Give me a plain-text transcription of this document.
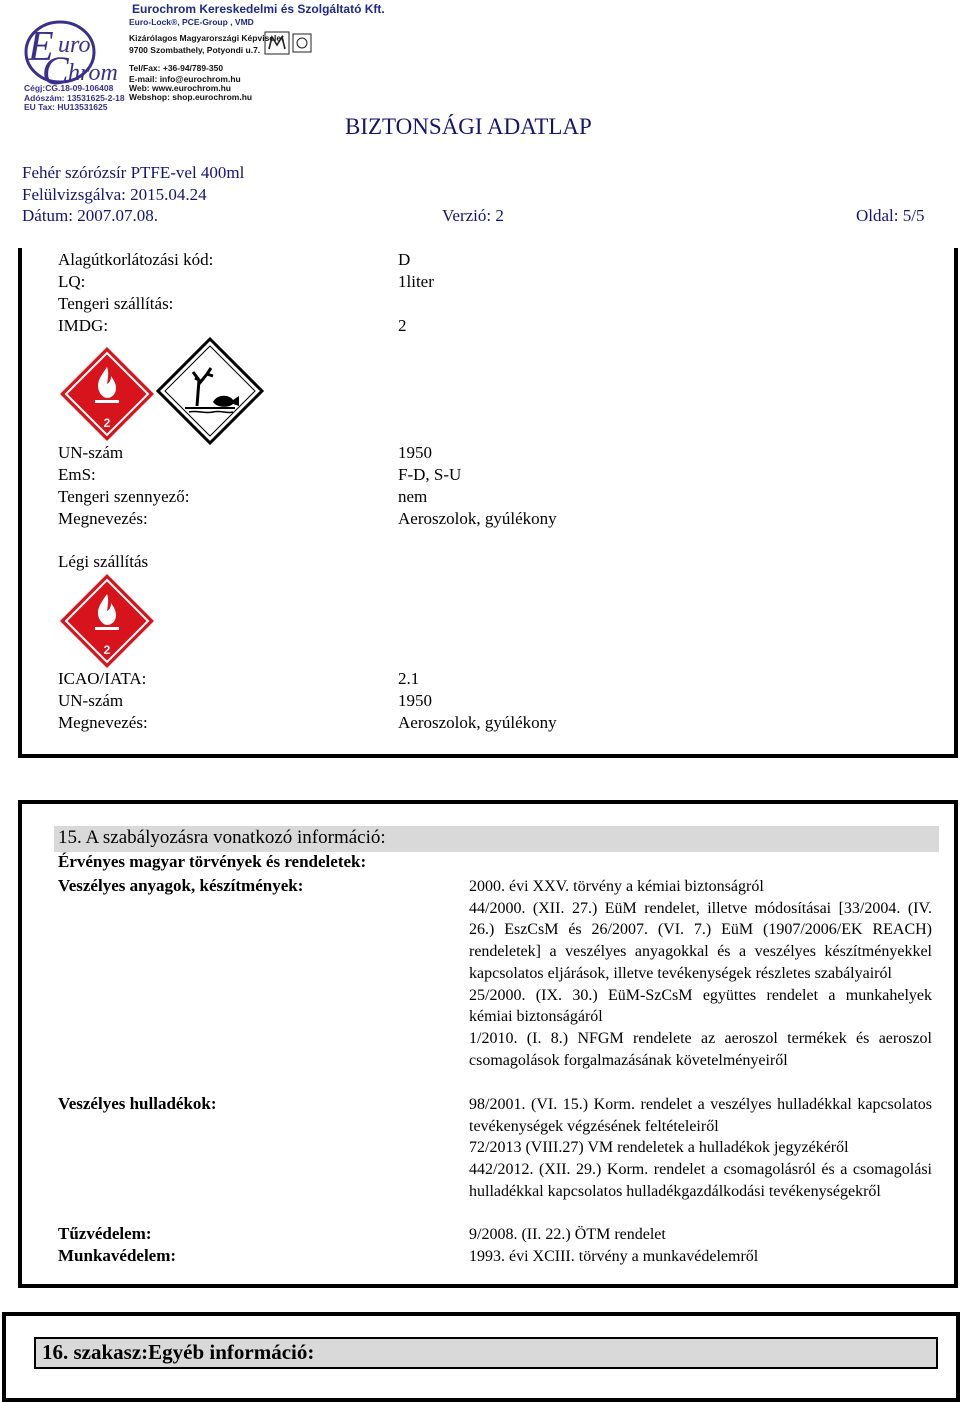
E uro
C hrom
Cégj:CG.18-09-106408
Adószám: 13531625-2-18
EU Tax: HU13531625
Eurochrom Kereskedelmi és Szolgáltató Kft.
Euro-Lock®, PCE-Group , VMD
Kizárólagos Magyarországi Képviselet
9700 Szombathely, Potyondi u.7.
Tel/Fax: +36-94/789-350
E-mail: info@eurochrom.hu
Web: www.eurochrom.hu
Webshop: shop.eurochrom.hu
BIZTONSÁGI ADATLAP
Fehér szórózsír PTFE-vel 400ml
Felülvizsgálva: 2015.04.24
Dátum: 2007.07.08.	Verzió: 2	Oldal: 5/5
Alagútkorlátozási kód:	D
LQ:	1liter
Tengeri szállítás:
IMDG:	2
2
UN-szám	1950
EmS:	F-D, S-U
Tengeri szennyező:	nem
Megnevezés:	Aeroszolok, gyúlékony
Légi szállítás
2
ICAO/IATA:	2.1
UN-szám	1950
Megnevezés:	Aeroszolok, gyúlékony
15. A szabályozásra vonatkozó információ:
Érvényes magyar törvények és rendeletek:
Veszélyes anyagok, készítmények:	2000. évi XXV. törvény a kémiai biztonságról
44/2000. (XII. 27.) EüM rendelet, illetve módosításai [33/2004. (IV. 26.) EszCsM és 26/2007. (VI. 7.) EüM (1907/2006/EK REACH) rendeletek] a veszélyes anyagokkal és a veszélyes készítményekkel kapcsolatos eljárások, illetve tevékenységek részletes szabályairól
25/2000. (IX. 30.) EüM-SzCsM együttes rendelet a munkahelyek kémiai biztonságáról
1/2010. (I. 8.) NFGM rendelete az aeroszol termékek és aeroszol csomagolások forgalmazásának követelményeiről
Veszélyes hulladékok:	98/2001. (VI. 15.) Korm. rendelet a veszélyes hulladékkal kapcsolatos tevékenységek végzésének feltételeiről
72/2013 (VIII.27) VM rendeletek a hulladékok jegyzékéről
442/2012. (XII. 29.) Korm. rendelet a csomagolásról és a csomagolási hulladékkal kapcsolatos hulladékgazdálkodási tevékenységekről
Tűzvédelem:	9/2008. (II. 22.) ÖTM rendelet
Munkavédelem:	1993. évi XCIII. törvény a munkavédelemről
16. szakasz:Egyéb információ:
